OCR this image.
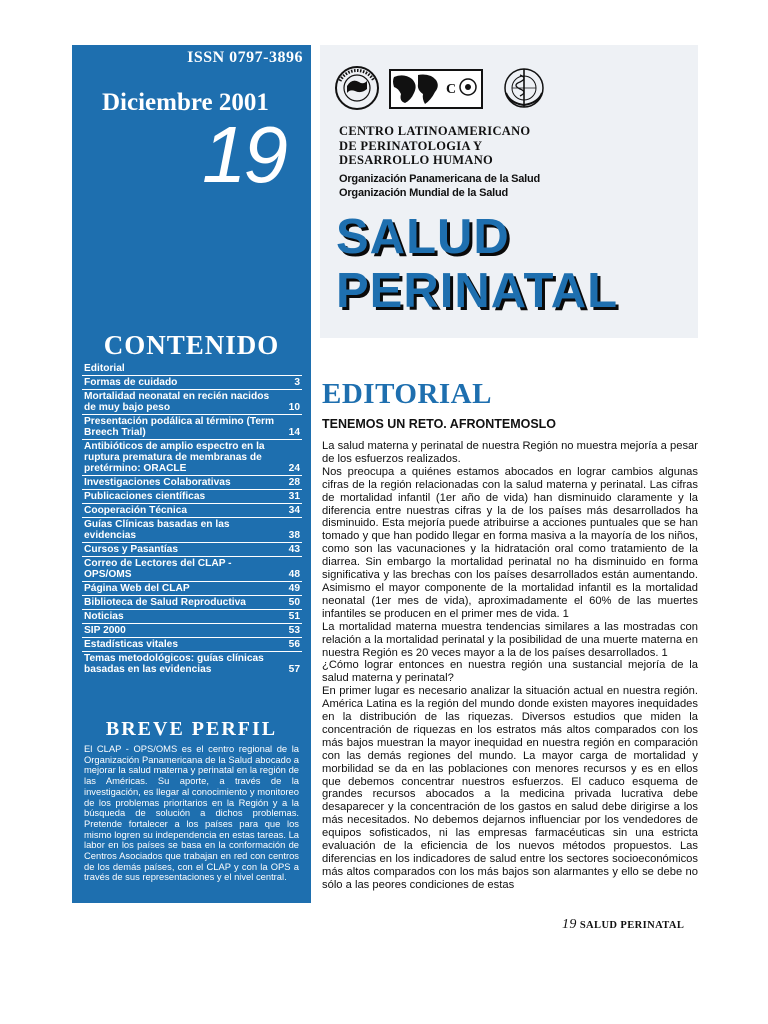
ISSN 0797-3896
Diciembre 2001
19
CONTENIDO
Editorial
Formas de cuidado	3
Mortalidad neonatal en recién nacidos de muy bajo peso	10
Presentación podálica al término (Term Breech Trial)	14
Antibióticos de amplio espectro en la ruptura prematura de membranas de pretérmino: ORACLE	24
Investigaciones Colaborativas	28
Publicaciones científicas	31
Cooperación Técnica	34
Guías Clínicas basadas en las evidencias	38
Cursos y Pasantías	43
Correo de Lectores del CLAP - OPS/OMS	48
Página Web del CLAP	49
Biblioteca de Salud Reproductiva	50
Noticias	51
SIP 2000	53
Estadísticas vitales	56
Temas metodológicos: guías clínicas basadas en las evidencias	57
BREVE PERFIL
El CLAP - OPS/OMS es el centro regional de la Organización Panamericana de la Salud abocado a mejorar la salud materna y perinatal en la región de las Américas. Su aporte, a través de la investigación, es llegar al conocimiento y monitoreo de los problemas prioritarios en la Región y a la búsqueda de solución a dichos problemas. Pretende fortalecer a los países para que los mismo logren su independencia en estas tareas. La labor en los países se basa en la conformación de Centros Asociados que trabajan en red con centros de los demás países, con el CLAP y con la OPS a través de sus representaciones y el nivel central.
C
CENTRO LATINOAMERICANO
DE PERINATOLOGIA Y
DESARROLLO HUMANO
Organización Panamericana de la Salud
Organización Mundial de la Salud
SALUD
PERINATAL
EDITORIAL
TENEMOS UN RETO. AFRONTEMOSLO

La salud materna y perinatal de nuestra Región no muestra mejoría a pesar de los esfuerzos realizados.

Nos preocupa a quiénes estamos abocados en lograr cambios algunas cifras de la región relacionadas con la salud materna y perinatal. Las cifras de mortalidad infantil (1er año de vida) han disminuido claramente y la diferencia entre nuestras cifras y la de los países más desarrollados ha disminuido. Esta mejoría puede atribuirse a acciones puntuales que se han tomado y que han podido llegar en forma masiva a la mayoría de los niños, como son las vacunaciones y la hidratación oral como tratamiento de la diarrea. Sin embargo la mortalidad perinatal no ha disminuido en forma significativa y las brechas con los países desarrollados están aumentando. Asimismo el mayor componente de la mortalidad infantil es la mortalidad neonatal (1er mes de vida), aproximadamente el 60% de las muertes infantiles se producen en el primer mes de vida. 1

La mortalidad materna muestra tendencias similares a las mostradas con relación a la mortalidad perinatal y la posibilidad de una muerte materna en nuestra Región es 20 veces mayor a la de los países desarrollados. 1

¿Cómo lograr entonces en nuestra región una sustancial mejoría de la salud materna y perinatal?

En primer lugar es necesario analizar la situación actual en nuestra región. América Latina es la región del mundo donde existen mayores inequidades en la distribución de las riquezas. Diversos estudios que miden la concentración de riquezas en los estratos más altos comparados con los más bajos muestran la mayor inequidad en nuestra región en comparación con las demás regiones del mundo. La mayor carga de mortalidad y morbilidad se da en las poblaciones con menores recursos y es en ellos que debemos concentrar nuestros esfuerzos. El caduco esquema de grandes recursos abocados a la medicina privada lucrativa debe desaparecer y la concentración de los gastos en salud debe dirigirse a los más necesitados. No debemos dejarnos influenciar por los vendedores de equipos sofisticados, ni las empresas farmacéuticas sin una estricta evaluación de la eficiencia de los nuevos métodos propuestos. Las diferencias en los indicadores de salud entre los sectores socioeconómicos más altos comparados con los más bajos son alarmantes y ello se debe no sólo a las peores condiciones de estas

19 SALUD PERINATAL
